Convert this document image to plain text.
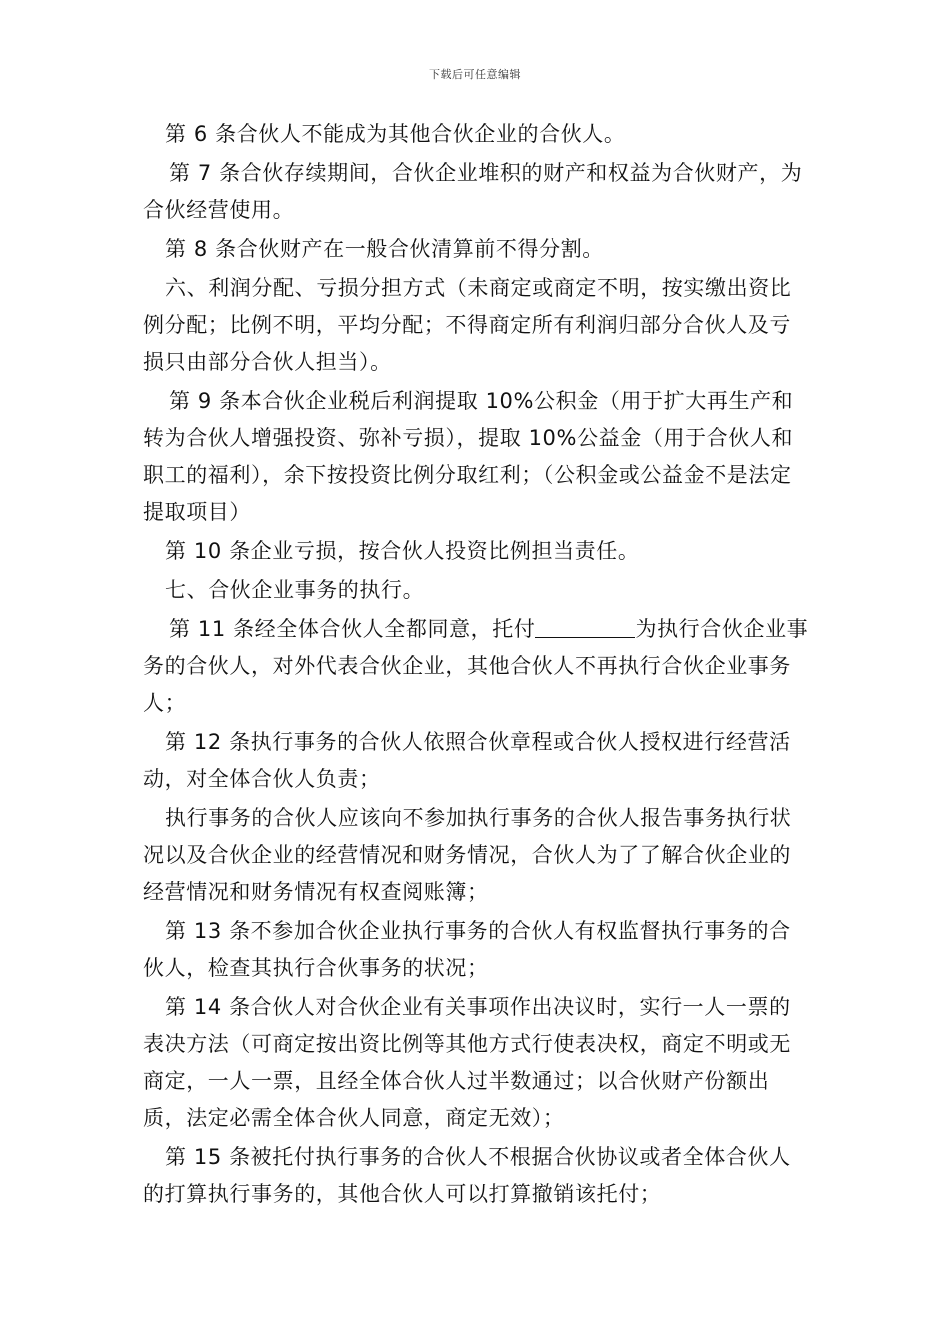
下载后可任意编辑

第 6 条合伙人不能成为其他合伙企业的合伙人。

第 7 条合伙存续期间，合伙企业堆积的财产和权益为合伙财产，为合伙经营使用。

第 8 条合伙财产在一般合伙清算前不得分割。

六、利润分配、亏损分担方式（未商定或商定不明，按实缴出资比例分配；比例不明，平均分配；不得商定所有利润归部分合伙人及亏损只由部分合伙人担当）。

第 9 条本合伙企业税后利润提取 10%公积金（用于扩大再生产和转为合伙人增强投资、弥补亏损），提取 10%公益金（用于合伙人和职工的福利），余下按投资比例分取红利；（公积金或公益金不是法定提取项目）

第 10 条企业亏损，按合伙人投资比例担当责任。

七、合伙企业事务的执行。

第 11 条经全体合伙人全都同意，托付	为执行合伙企业事务的合伙人，对外代表合伙企业，其他合伙人不再执行合伙企业事务人；

第 12 条执行事务的合伙人依照合伙章程或合伙人授权进行经营活动，对全体合伙人负责；

执行事务的合伙人应该向不参加执行事务的合伙人报告事务执行状况以及合伙企业的经营情况和财务情况，合伙人为了了解合伙企业的经营情况和财务情况有权查阅账簿；

第 13 条不参加合伙企业执行事务的合伙人有权监督执行事务的合伙人，检查其执行合伙事务的状况；

第 14 条合伙人对合伙企业有关事项作出决议时，实行一人一票的表决方法（可商定按出资比例等其他方式行使表决权，商定不明或无商定，一人一票，且经全体合伙人过半数通过；以合伙财产份额出质，法定必需全体合伙人同意，商定无效）；

第 15 条被托付执行事务的合伙人不根据合伙协议或者全体合伙人的打算执行事务的，其他合伙人可以打算撤销该托付；
